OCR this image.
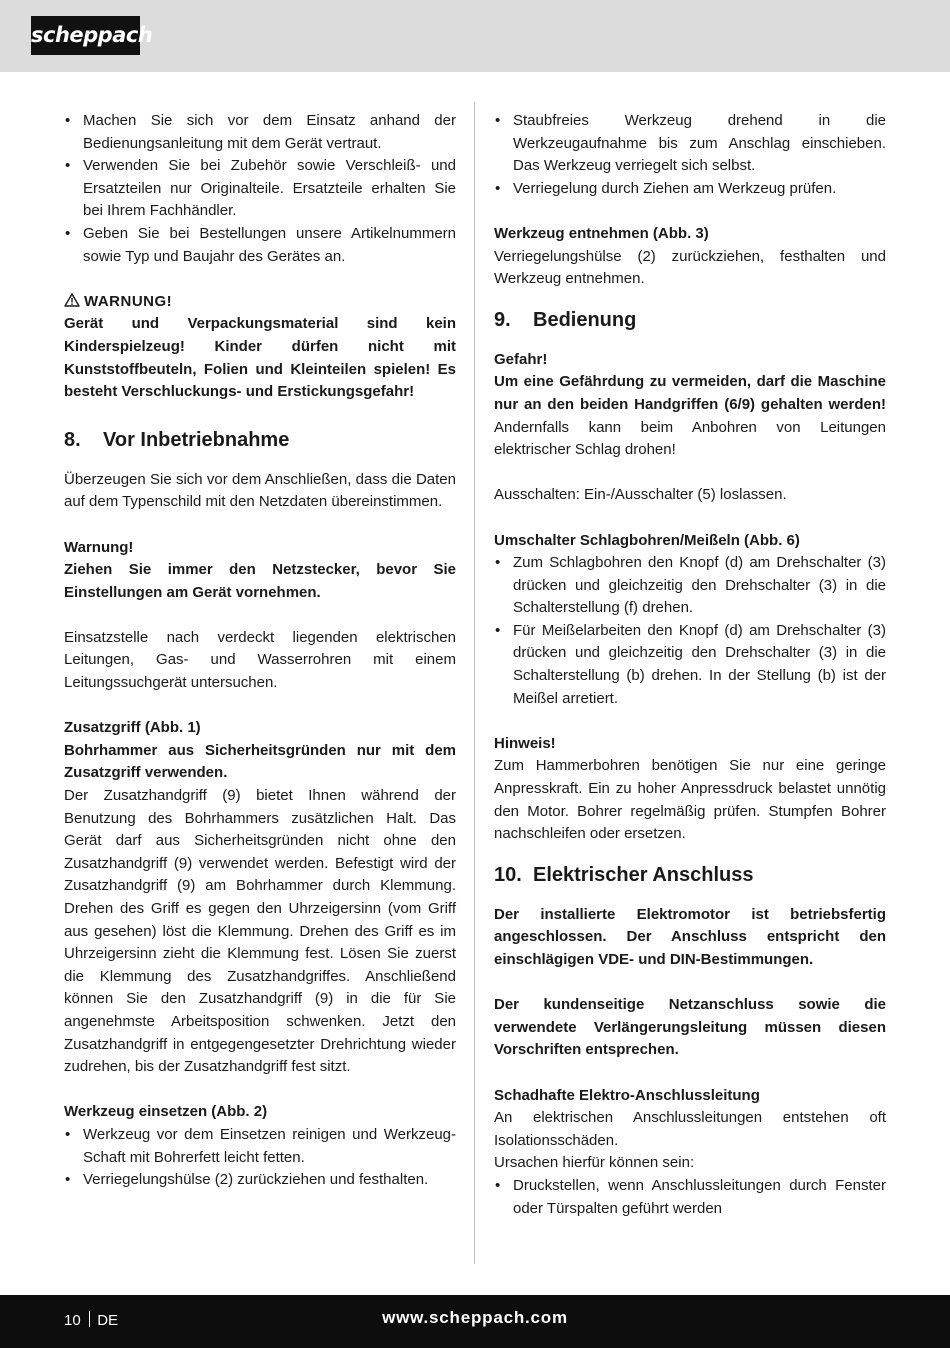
scheppach

• Machen Sie sich vor dem Einsatz anhand der Bedienungsanleitung mit dem Gerät vertraut.

• Verwenden Sie bei Zubehör sowie Verschleiß- und Ersatzteilen nur Originalteile. Ersatzteile erhalten Sie bei Ihrem Fachhändler.

• Geben Sie bei Bestellungen unsere Artikelnummern sowie Typ und Baujahr des Gerätes an.

WARNUNG!

Gerät und Verpackungsmaterial sind kein Kinderspielzeug! Kinder dürfen nicht mit Kunststoffbeuteln, Folien und Kleinteilen spielen! Es besteht Verschluckungs- und Erstickungsgefahr!

8. Vor Inbetriebnahme

Überzeugen Sie sich vor dem Anschließen, dass die Daten auf dem Typenschild mit den Netzdaten übereinstimmen.

Warnung!

Ziehen Sie immer den Netzstecker, bevor Sie Einstellungen am Gerät vornehmen.

Einsatzstelle nach verdeckt liegenden elektrischen Leitungen, Gas- und Wasserrohren mit einem Leitungssuchgerät untersuchen.

Zusatzgriff (Abb. 1)

Bohrhammer aus Sicherheitsgründen nur mit dem Zusatzgriff verwenden.

Der Zusatzhandgriff (9) bietet Ihnen während der Benutzung des Bohrhammers zusätzlichen Halt. Das Gerät darf aus Sicherheitsgründen nicht ohne den Zusatzhandgriff (9) verwendet werden. Befestigt wird der Zusatzhandgriff (9) am Bohrhammer durch Klemmung. Drehen des Griff es gegen den Uhrzeigersinn (vom Griff aus gesehen) löst die Klemmung. Drehen des Griff es im Uhrzeigersinn zieht die Klemmung fest. Lösen Sie zuerst die Klemmung des Zusatzhandgriffes. Anschließend können Sie den Zusatzhandgriff (9) in die für Sie angenehmste Arbeitsposition schwenken. Jetzt den Zusatzhandgriff in entgegengesetzter Drehrichtung wieder zudrehen, bis der Zusatzhandgriff fest sitzt.

Werkzeug einsetzen (Abb. 2)

• Werkzeug vor dem Einsetzen reinigen und Werkzeug-Schaft mit Bohrerfett leicht fetten.

• Verriegelungshülse (2) zurückziehen und festhalten.

• Staubfreies Werkzeug drehend in die Werkzeugaufnahme bis zum Anschlag einschieben. Das Werkzeug verriegelt sich selbst.

• Verriegelung durch Ziehen am Werkzeug prüfen.

Werkzeug entnehmen (Abb. 3)

Verriegelungshülse (2) zurückziehen, festhalten und Werkzeug entnehmen.

9. Bedienung

Gefahr!

Um eine Gefährdung zu vermeiden, darf die Maschine nur an den beiden Handgriffen (6/9) gehalten werden! Andernfalls kann beim Anbohren von Leitungen elektrischer Schlag drohen!

Ausschalten: Ein-/Ausschalter (5) loslassen.

Umschalter Schlagbohren/Meißeln (Abb. 6)

• Zum Schlagbohren den Knopf (d) am Drehschalter (3) drücken und gleichzeitig den Drehschalter (3) in die Schalterstellung (f) drehen.

• Für Meißelarbeiten den Knopf (d) am Drehschalter (3) drücken und gleichzeitig den Drehschalter (3) in die Schalterstellung (b) drehen. In der Stellung (b) ist der Meißel arretiert.

Hinweis!

Zum Hammerbohren benötigen Sie nur eine geringe Anpresskraft. Ein zu hoher Anpressdruck belastet unnötig den Motor. Bohrer regelmäßig prüfen. Stumpfen Bohrer nachschleifen oder ersetzen.

10. Elektrischer Anschluss

Der installierte Elektromotor ist betriebsfertig angeschlossen. Der Anschluss entspricht den einschlägigen VDE- und DIN-Bestimmungen.

Der kundenseitige Netzanschluss sowie die verwendete Verlängerungsleitung müssen diesen Vorschriften entsprechen.

Schadhafte Elektro-Anschlussleitung

An elektrischen Anschlussleitungen entstehen oft Isolationsschäden.

Ursachen hierfür können sein:

• Druckstellen, wenn Anschlussleitungen durch Fenster oder Türspalten geführt werden

10 DE	www.scheppach.com
